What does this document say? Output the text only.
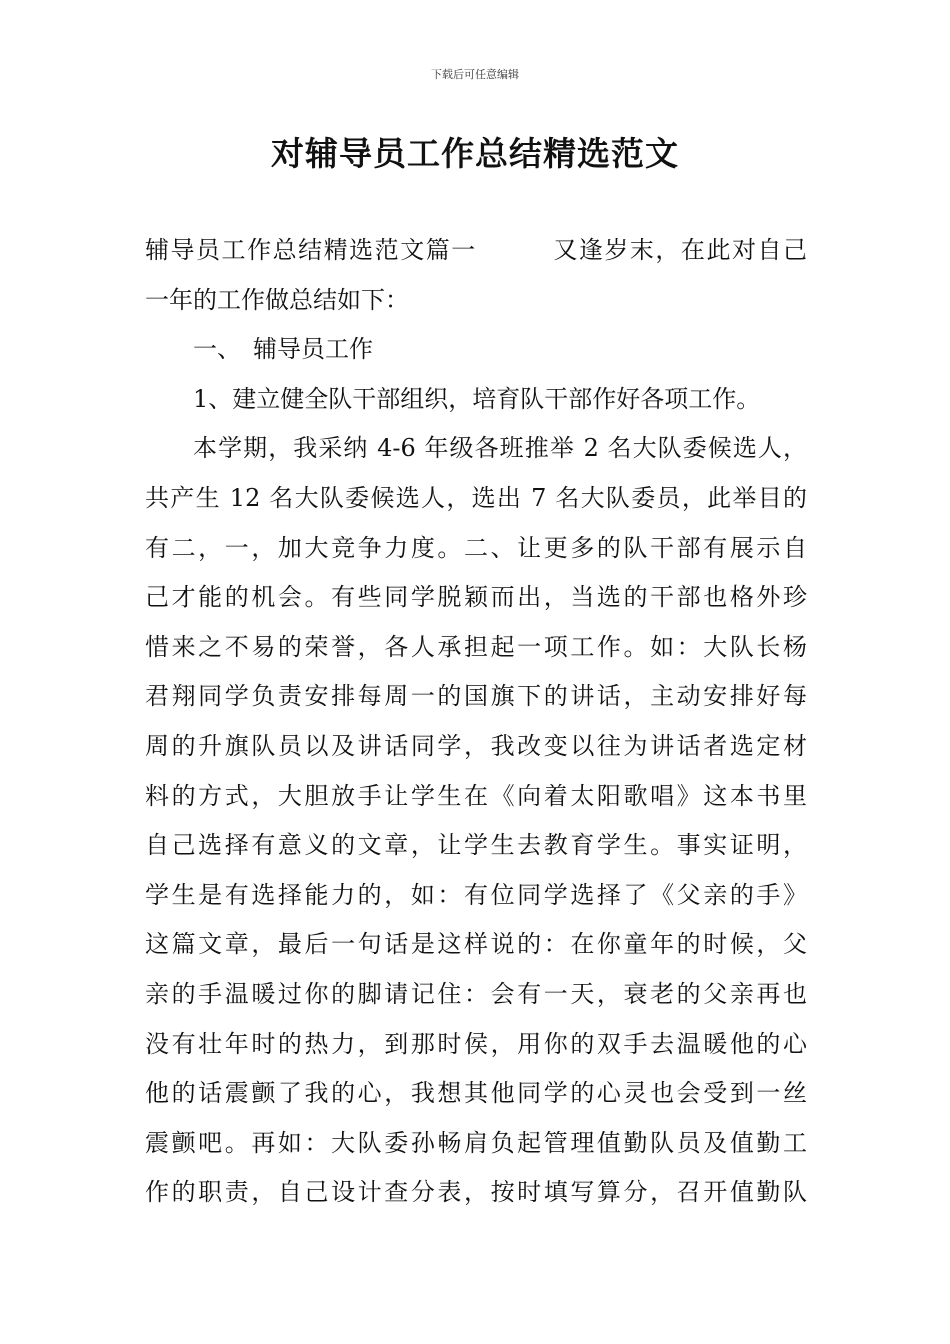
下载后可任意编辑
对辅导员工作总结精选范文
辅导员工作总结精选范文篇一　　　又逢岁末，在此对自己
一年的工作做总结如下：
一、　辅导员工作
1、建立健全队干部组织，培育队干部作好各项工作。
本学期，我采纳 4-6 年级各班推举 2 名大队委候选人，
共产生 12 名大队委候选人，选出 7 名大队委员，此举目的
有二，一，加大竞争力度。二、让更多的队干部有展示自
己才能的机会。有些同学脱颖而出，当选的干部也格外珍
惜来之不易的荣誉，各人承担起一项工作。如：大队长杨
君翔同学负责安排每周一的国旗下的讲话，主动安排好每
周的升旗队员以及讲话同学，我改变以往为讲话者选定材
料的方式，大胆放手让学生在《向着太阳歌唱》这本书里
自己选择有意义的文章，让学生去教育学生。事实证明，
学生是有选择能力的，如：有位同学选择了《父亲的手》
这篇文章，最后一句话是这样说的：在你童年的时候，父
亲的手温暖过你的脚请记住：会有一天，衰老的父亲再也
没有壮年时的热力，到那时侯，用你的双手去温暖他的心
他的话震颤了我的心，我想其他同学的心灵也会受到一丝
震颤吧。再如：大队委孙畅肩负起管理值勤队员及值勤工
作的职责，自己设计查分表，按时填写算分，召开值勤队
